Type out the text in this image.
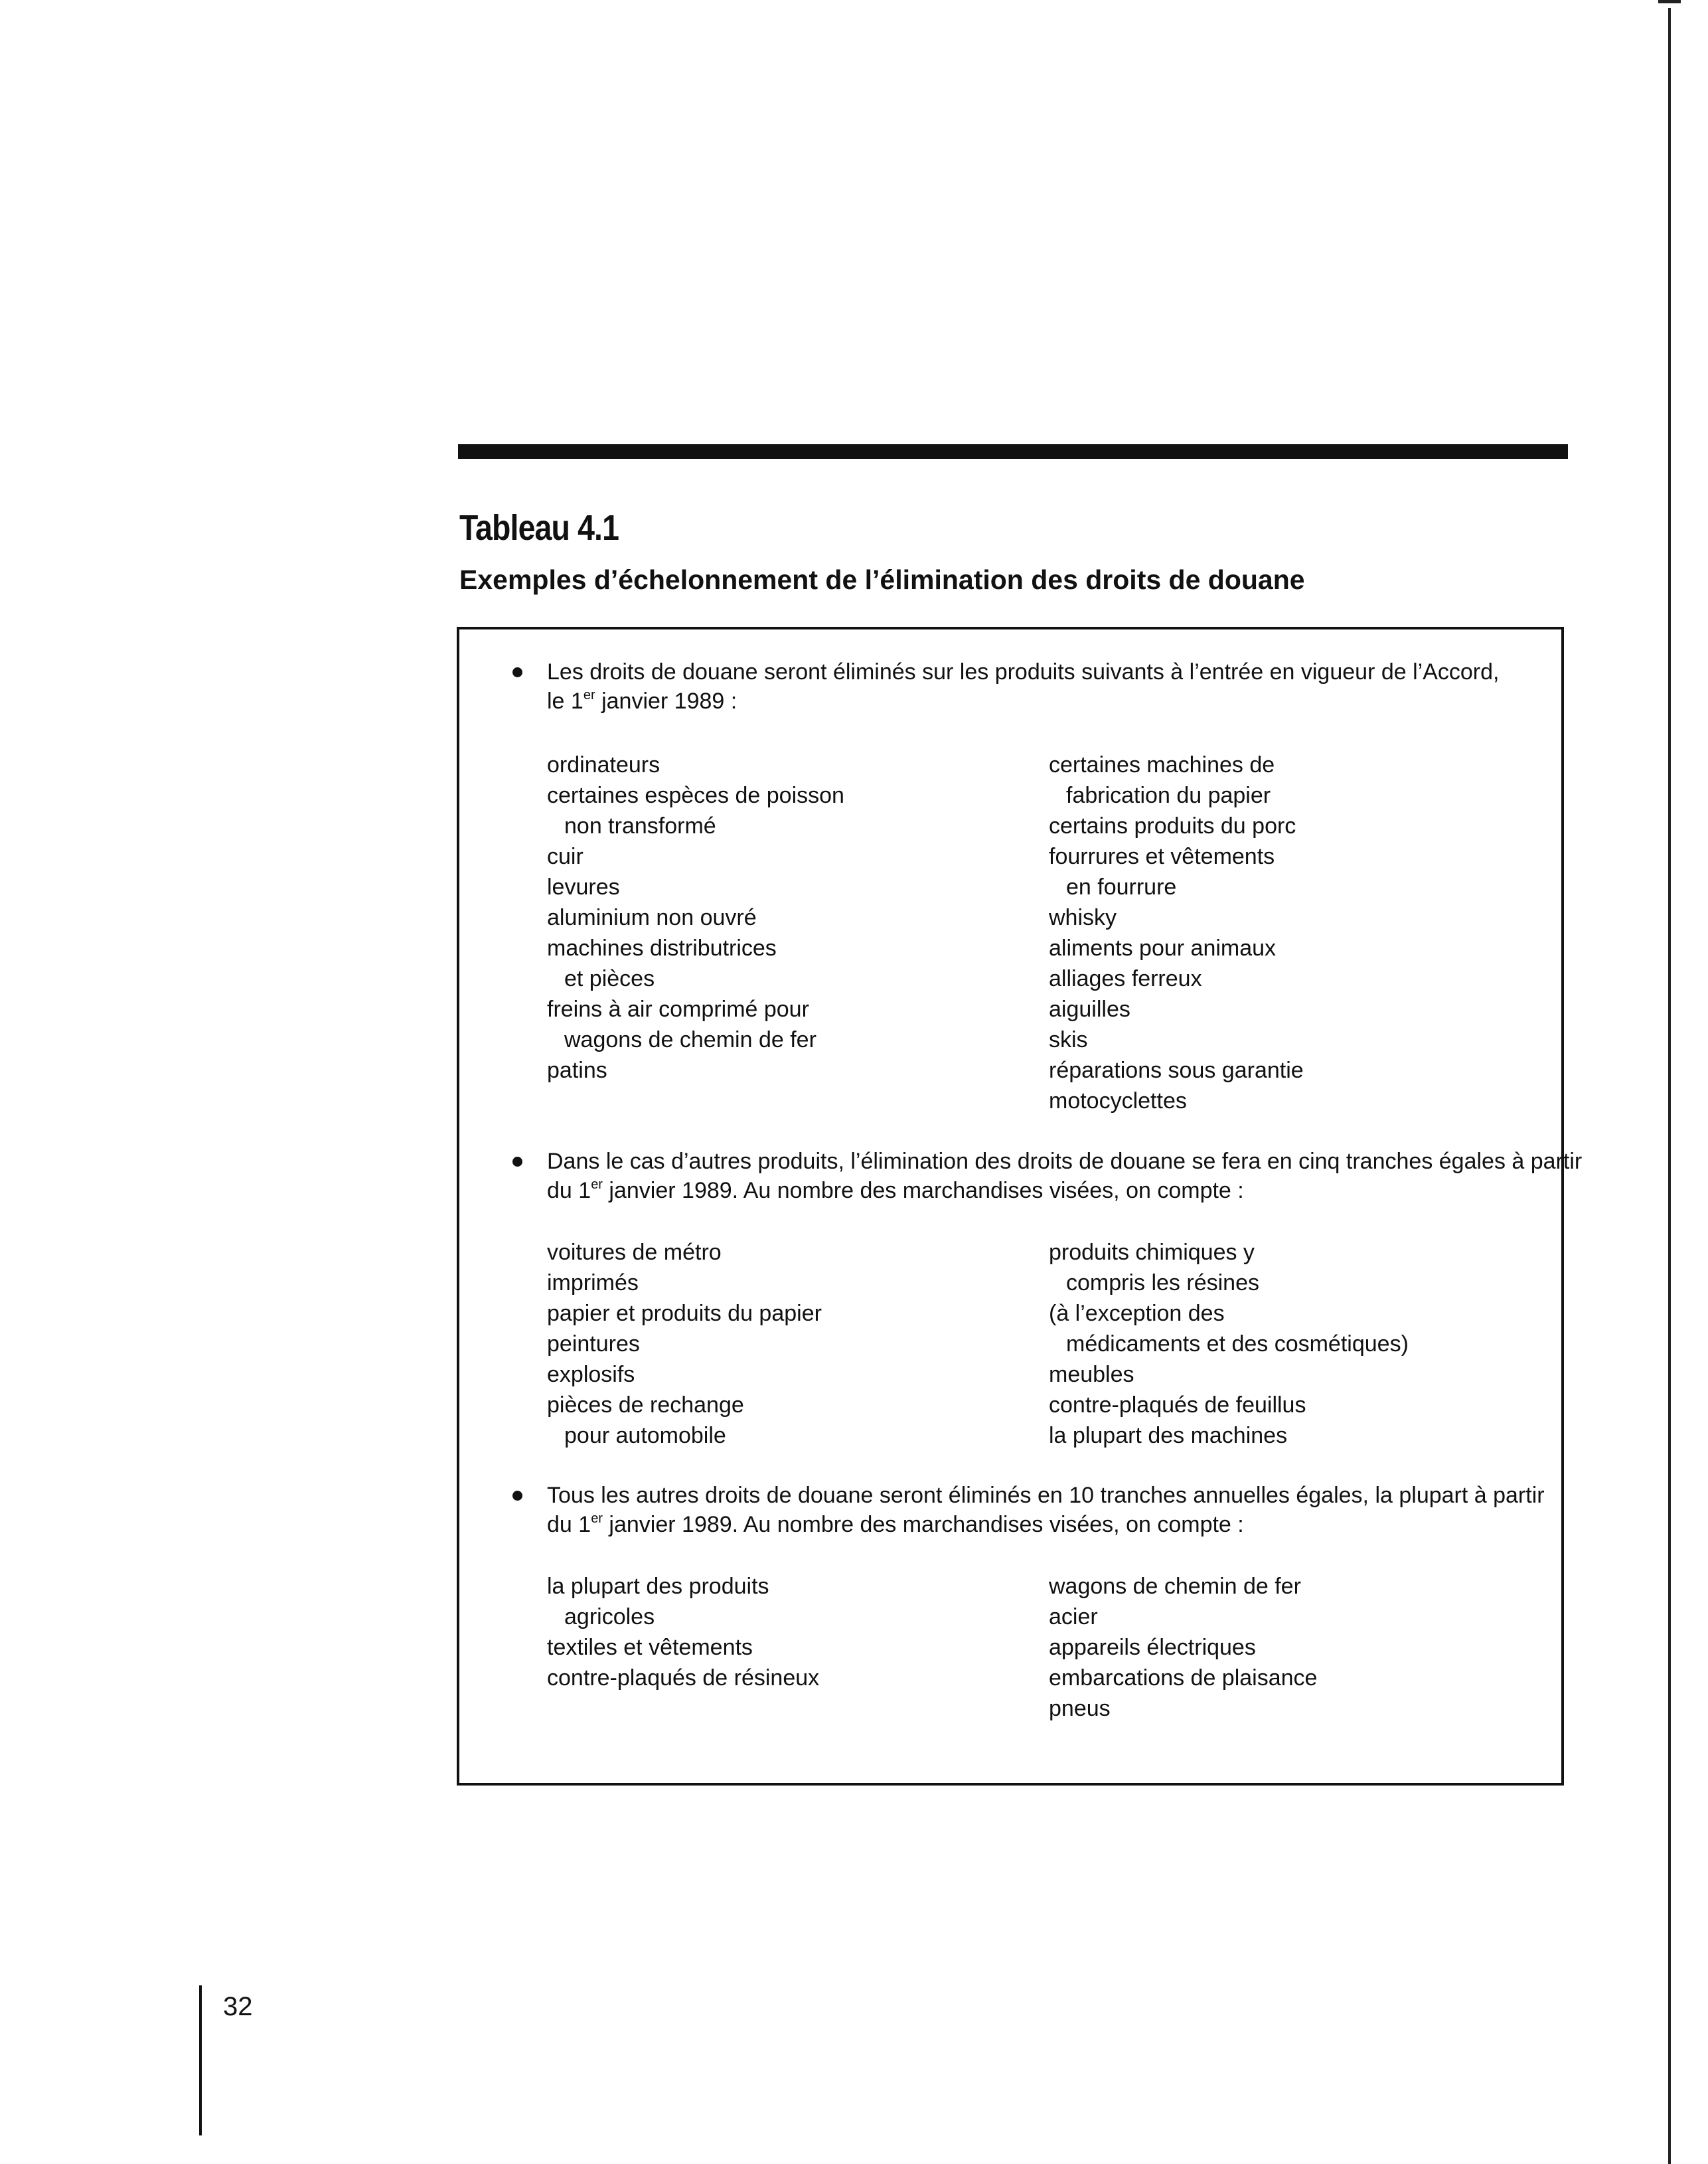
Tableau 4.1
Exemples d’échelonnement de l’élimination des droits de douane
Les droits de douane seront éliminés sur les produits suivants à l’entrée en vigueur de l’Accord,
le 1er janvier 1989 :
ordinateurs
certaines espèces de poisson
non transformé
cuir
levures
aluminium non ouvré
machines distributrices
et pièces
freins à air comprimé pour
wagons de chemin de fer
patins
certaines machines de
fabrication du papier
certains produits du porc
fourrures et vêtements
en fourrure
whisky
aliments pour animaux
alliages ferreux
aiguilles
skis
réparations sous garantie
motocyclettes
Dans le cas d’autres produits, l’élimination des droits de douane se fera en cinq tranches égales à partir
du 1er janvier 1989. Au nombre des marchandises visées, on compte :
voitures de métro
imprimés
papier et produits du papier
peintures
explosifs
pièces de rechange
pour automobile
produits chimiques y
compris les résines
(à l’exception des
médicaments et des cosmétiques)
meubles
contre-plaqués de feuillus
la plupart des machines
Tous les autres droits de douane seront éliminés en 10 tranches annuelles égales, la plupart à partir
du 1er janvier 1989. Au nombre des marchandises visées, on compte :
la plupart des produits
agricoles
textiles et vêtements
contre-plaqués de résineux
wagons de chemin de fer
acier
appareils électriques
embarcations de plaisance
pneus
32
